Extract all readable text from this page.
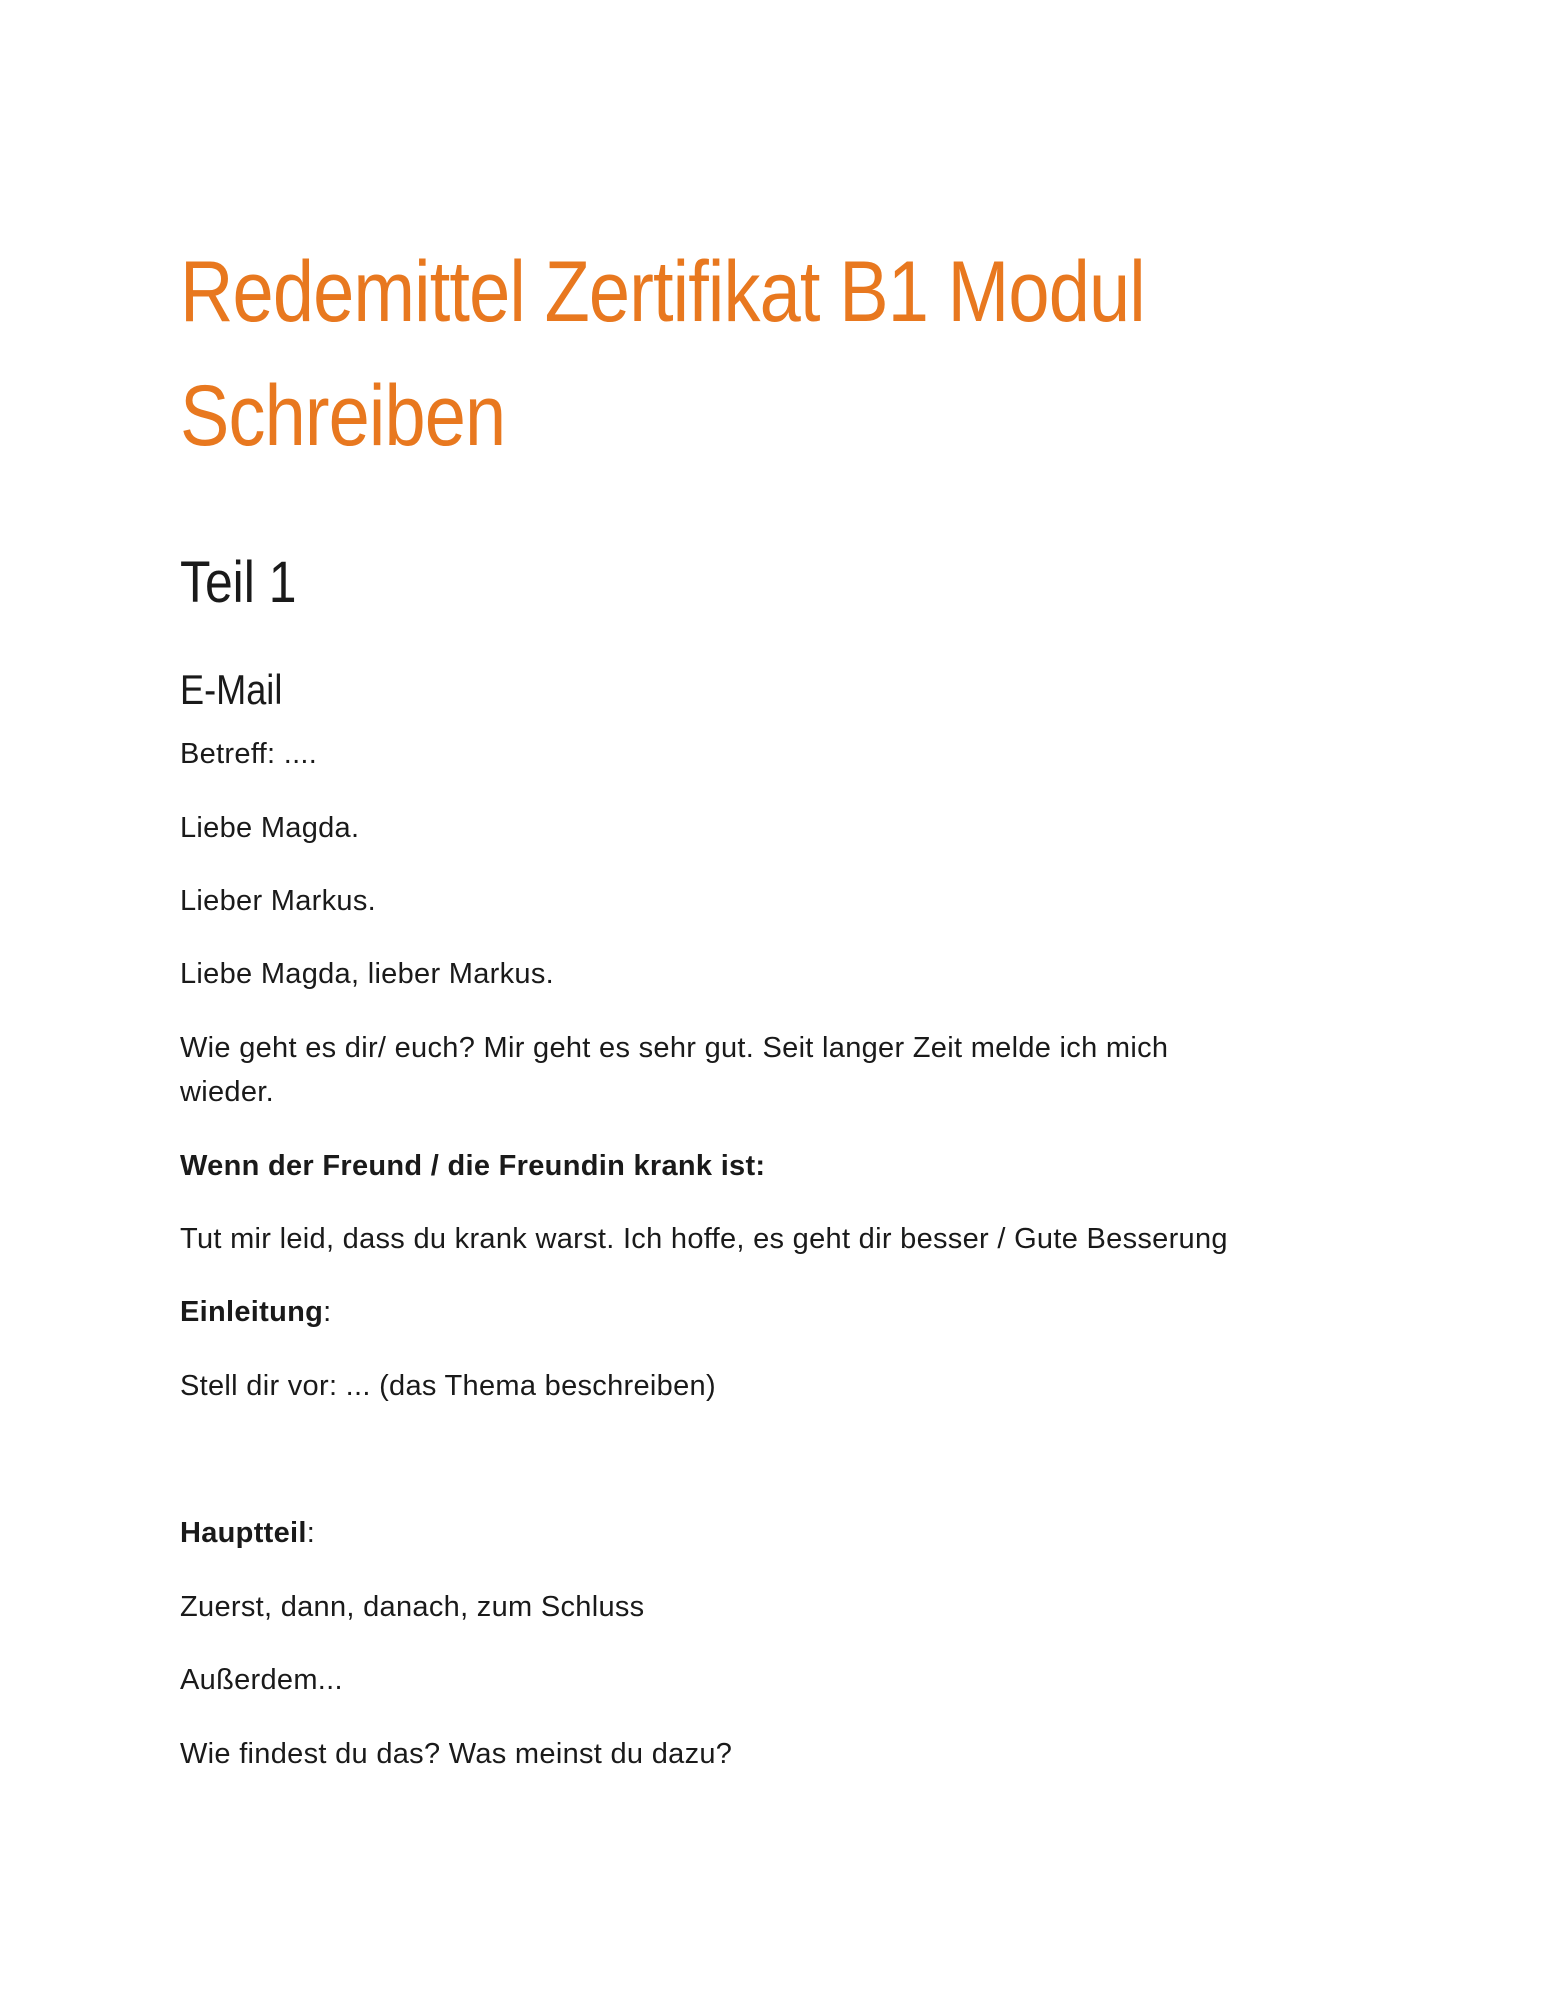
Redemittel Zertifikat B1 Modul
Schreiben
Teil 1
E-Mail

Betreff: ....

Liebe Magda.

Lieber Markus.

Liebe Magda, lieber Markus.

Wie geht es dir/ euch? Mir geht es sehr gut. Seit langer Zeit melde ich mich

wieder.

Wenn der Freund / die Freundin krank ist:

Tut mir leid, dass du krank warst. Ich hoffe, es geht dir besser / Gute Besserung

Einleitung:

Stell dir vor: ... (das Thema beschreiben)

Hauptteil:

Zuerst, dann, danach, zum Schluss

Außerdem...

Wie findest du das? Was meinst du dazu?
